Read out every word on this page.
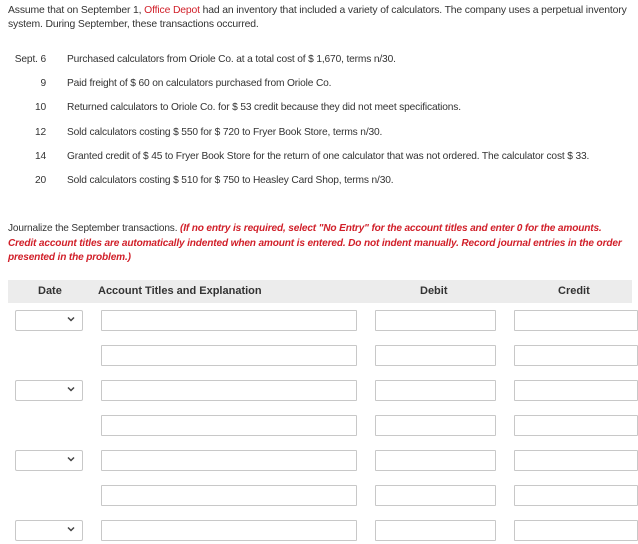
Assume that on September 1, Office Depot had an inventory that included a variety of calculators. The company uses a perpetual inventory system. During September, these transactions occurred.
Sept. 6 Purchased calculators from Oriole Co. at a total cost of $ 1,670, terms n/30.
9 Paid freight of $ 60 on calculators purchased from Oriole Co.
10 Returned calculators to Oriole Co. for $ 53 credit because they did not meet specifications.
12 Sold calculators costing $ 550 for $ 720 to Fryer Book Store, terms n/30.
14 Granted credit of $ 45 to Fryer Book Store for the return of one calculator that was not ordered. The calculator cost $ 33.
20 Sold calculators costing $ 510 for $ 750 to Heasley Card Shop, terms n/30.
Journalize the September transactions. (If no entry is required, select "No Entry" for the account titles and enter 0 for the amounts. Credit account titles are automatically indented when amount is entered. Do not indent manually. Record journal entries in the order presented in the problem.)
Date	Account Titles and Explanation	Debit	Credit
